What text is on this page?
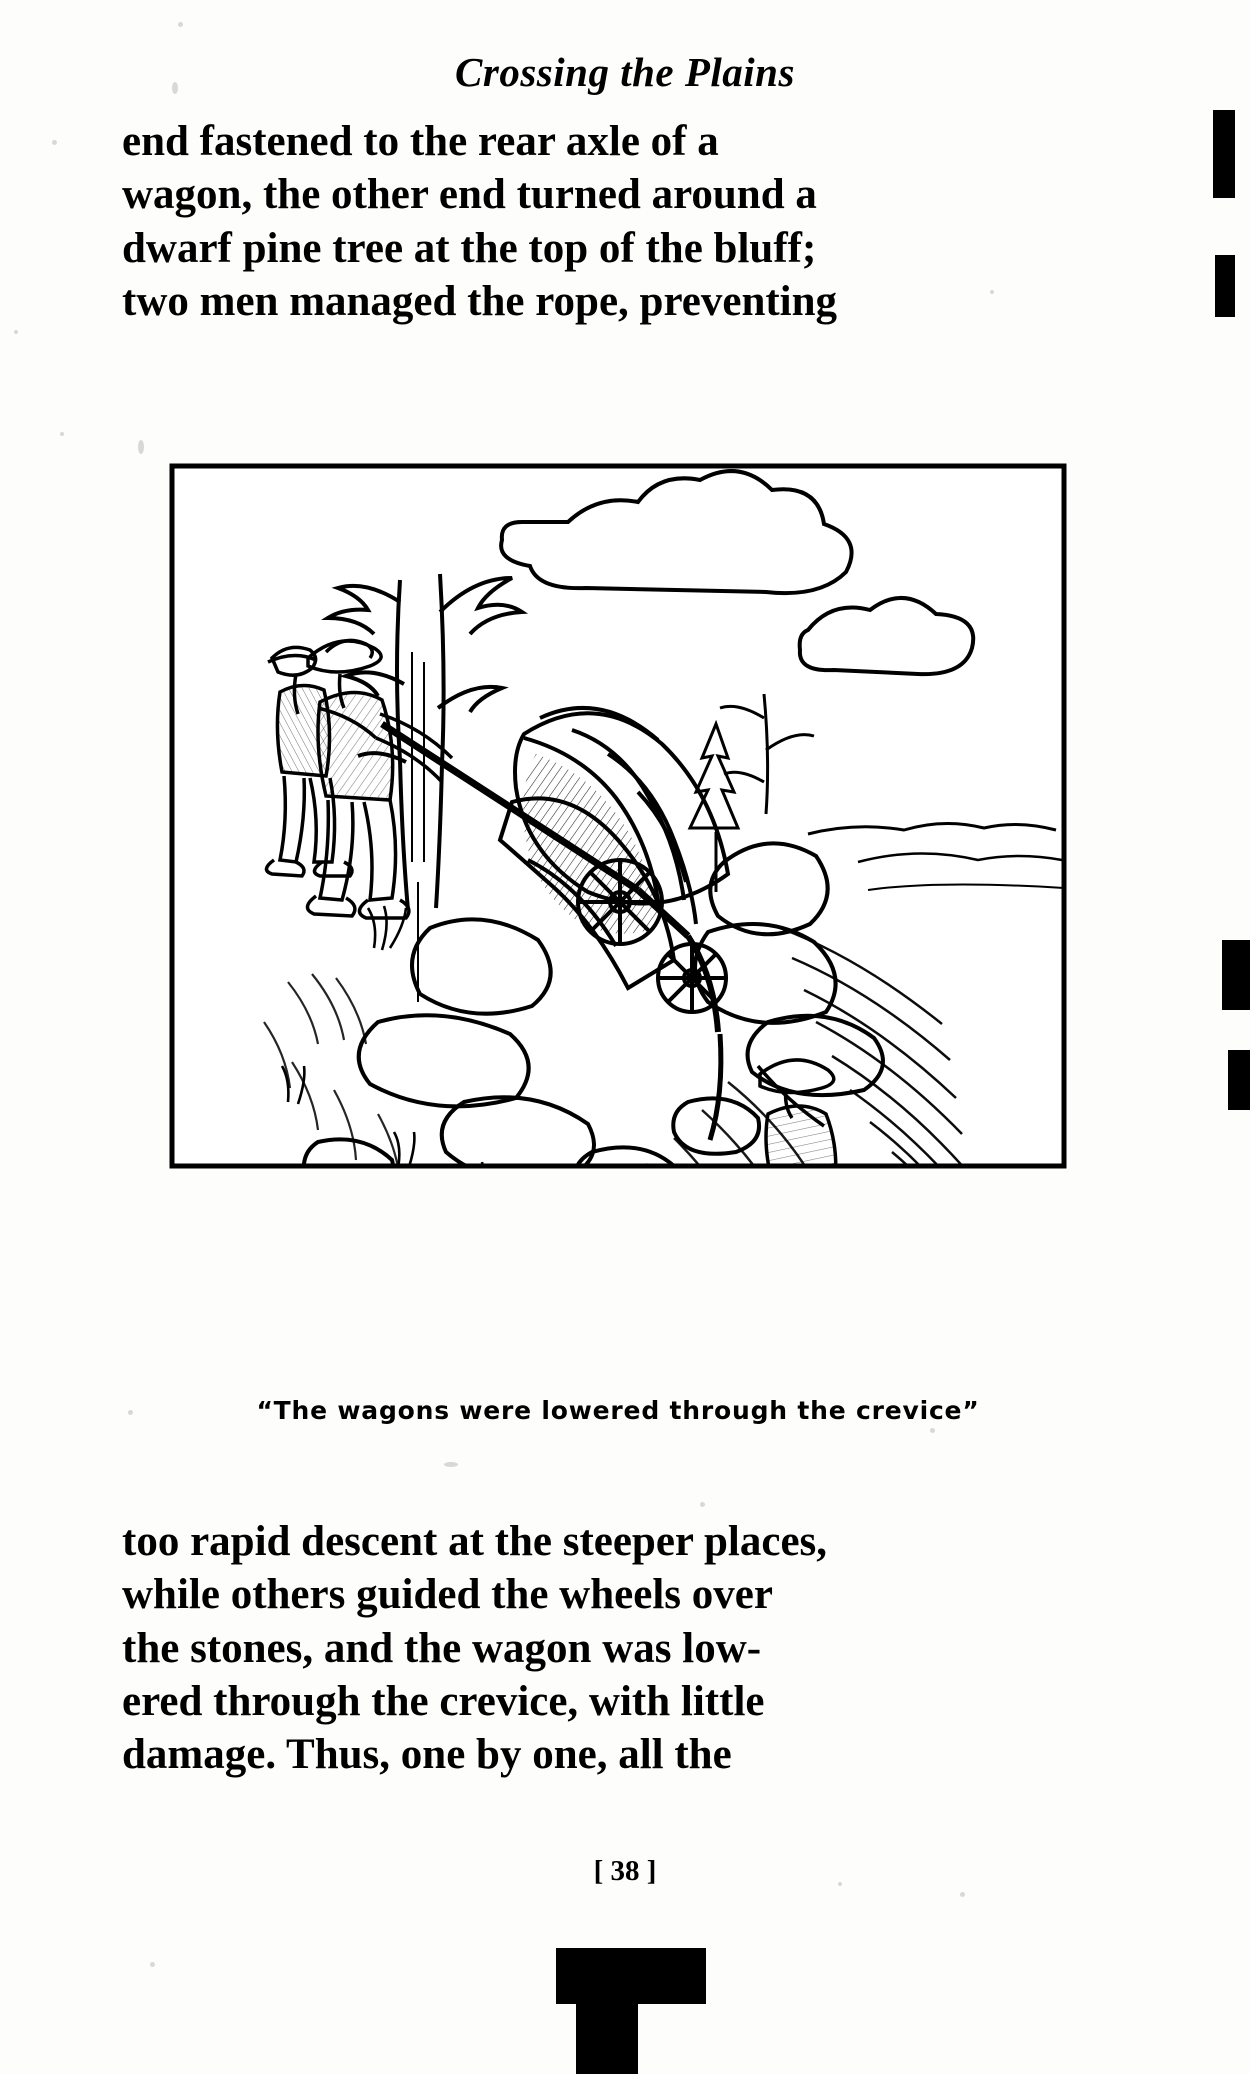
Crossing the Plains
end fastened to the rear axle of a
wagon, the other end turned around a
dwarf pine tree at the top of the bluff;
two men managed the rope, preventing
“The wagons were lowered through the crevice”
too rapid descent at the steeper places,
while others guided the wheels over
the stones, and the wagon was low-
ered through the crevice, with little
damage. Thus, one by one, all the
[ 38 ]
